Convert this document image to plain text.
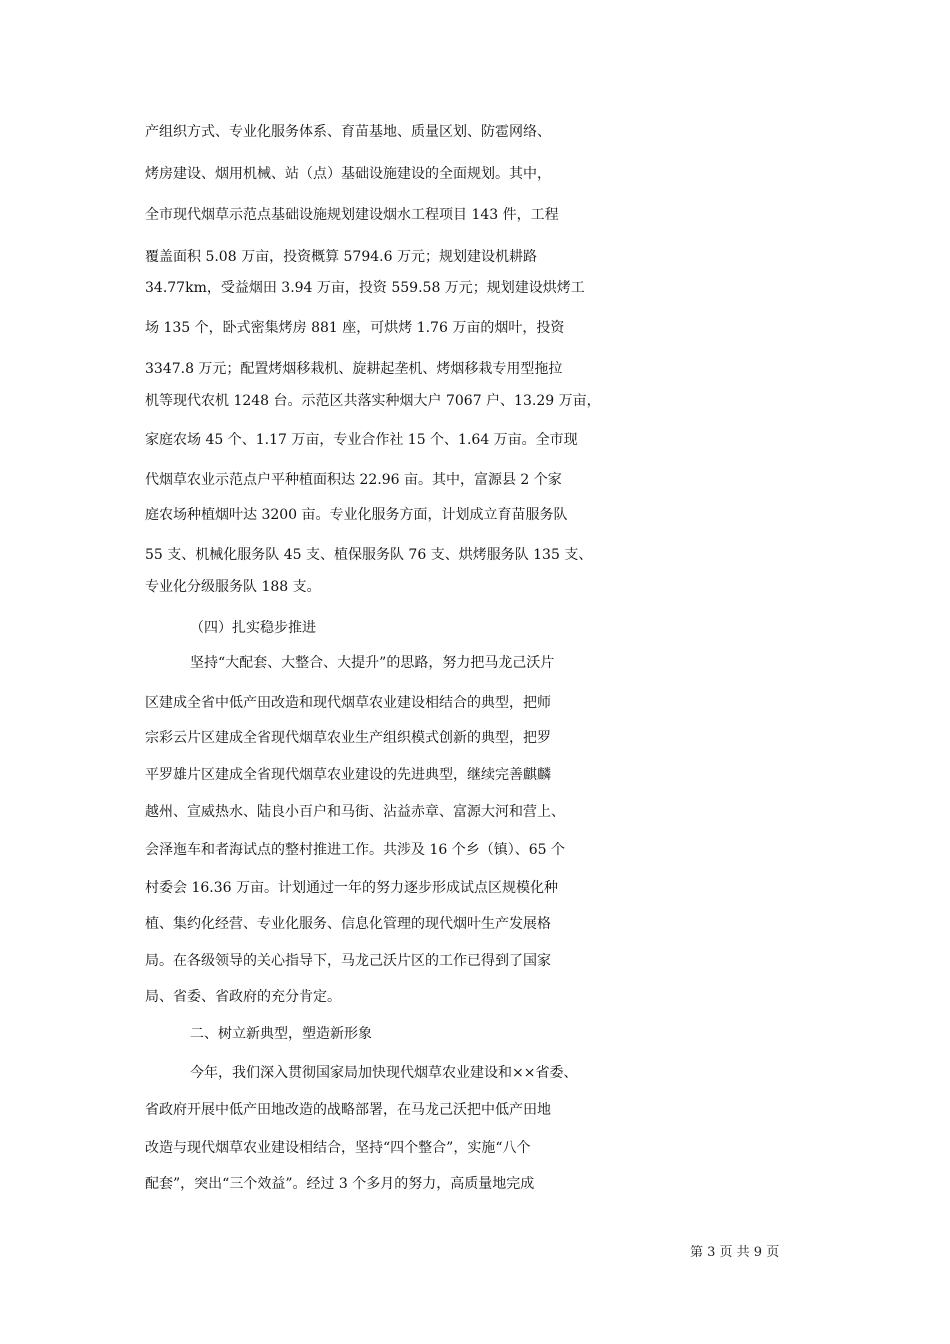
产组织方式、专业化服务体系、育苗基地、质量区划、防雹网络、
烤房建设、烟用机械、站（点）基础设施建设的全面规划。其中，
全市现代烟草示范点基础设施规划建设烟水工程项目 143 件，工程
覆盖面积 5.08 万亩，投资概算 5794.6 万元；规划建设机耕路
34.77km，受益烟田 3.94 万亩，投资 559.58 万元；规划建设烘烤工
场 135 个，卧式密集烤房 881 座，可烘烤 1.76 万亩的烟叶，投资
3347.8 万元；配置烤烟移栽机、旋耕起垄机、烤烟移栽专用型拖拉
机等现代农机 1248 台。示范区共落实种烟大户 7067 户、13.29 万亩，
家庭农场 45 个、1.17 万亩，专业合作社 15 个、1.64 万亩。全市现
代烟草农业示范点户平种植面积达 22.96 亩。其中，富源县 2 个家
庭农场种植烟叶达 3200 亩。专业化服务方面，计划成立育苗服务队
55 支、机械化服务队 45 支、植保服务队 76 支、烘烤服务队 135 支、
专业化分级服务队 188 支。
（四）扎实稳步推进
坚持“大配套、大整合、大提升”的思路，努力把马龙己沃片
区建成全省中低产田改造和现代烟草农业建设相结合的典型，把师
宗彩云片区建成全省现代烟草农业生产组织模式创新的典型，把罗
平罗雄片区建成全省现代烟草农业建设的先进典型，继续完善麒麟
越州、宣威热水、陆良小百户和马街、沾益赤章、富源大河和营上、
会泽迤车和者海试点的整村推进工作。共涉及 16 个乡（镇）、65 个
村委会 16.36 万亩。计划通过一年的努力逐步形成试点区规模化种
植、集约化经营、专业化服务、信息化管理的现代烟叶生产发展格
局。在各级领导的关心指导下，马龙己沃片区的工作已得到了国家
局、省委、省政府的充分肯定。
二、树立新典型，塑造新形象
今年，我们深入贯彻国家局加快现代烟草农业建设和××省委、
省政府开展中低产田地改造的战略部署，在马龙己沃把中低产田地
改造与现代烟草农业建设相结合，坚持“四个整合”，实施“八个
配套”，突出“三个效益”。经过 3 个多月的努力，高质量地完成
第 3 页 共 9 页
